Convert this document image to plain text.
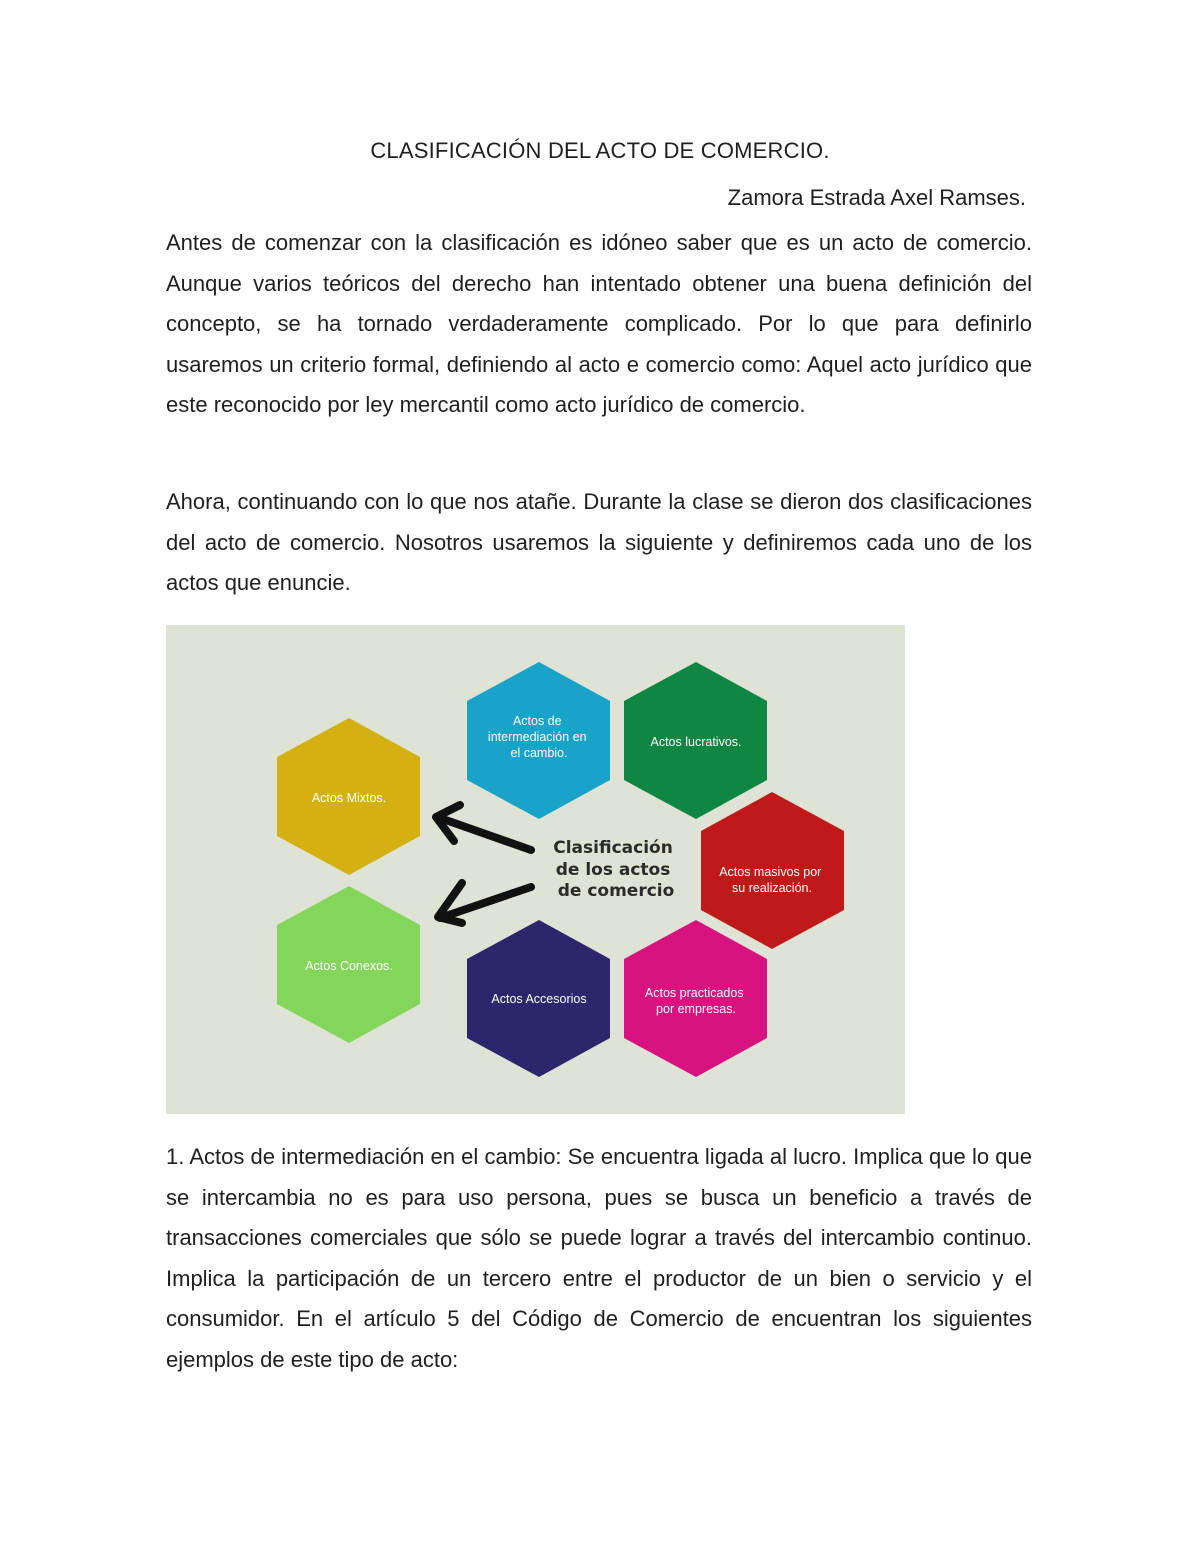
CLASIFICACIÓN DEL ACTO DE COMERCIO.
Zamora Estrada Axel Ramses.

Antes de comenzar con la clasificación es idóneo saber que es un acto de comercio. Aunque varios teóricos del derecho han intentado obtener una buena definición del concepto, se ha tornado verdaderamente complicado. Por lo que para definirlo usaremos un criterio formal, definiendo al acto e comercio como: Aquel acto jurídico que este reconocido por ley mercantil como acto jurídico de comercio.

Ahora, continuando con lo que nos atañe. Durante la clase se dieron dos clasificaciones del acto de comercio. Nosotros usaremos la siguiente y definiremos cada uno de los actos que enuncie.

Actos de intermediación en el cambio.
Actos lucrativos.
Actos Mixtos.
Actos masivos por su realización.
Actos Conexos.
Actos Accesorios	Actos practicados por empresas.
Clasificación de los actos de comercio

1. Actos de intermediación en el cambio: Se encuentra ligada al lucro. Implica que lo que se intercambia no es para uso persona, pues se busca un beneficio a través de transacciones comerciales que sólo se puede lograr a través del intercambio continuo. Implica la participación de un tercero entre el productor de un bien o servicio y el consumidor. En el artículo 5 del Código de Comercio de encuentran los siguientes ejemplos de este tipo de acto:
